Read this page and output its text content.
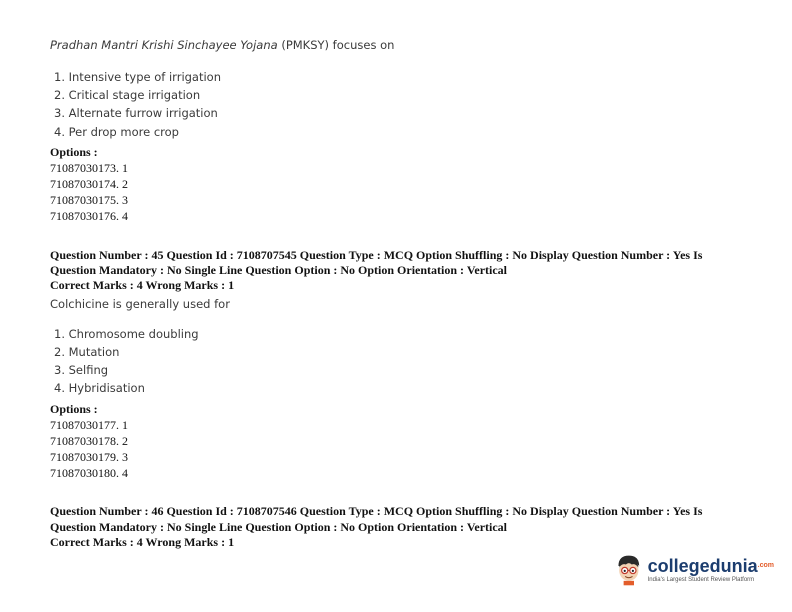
Pradhan Mantri Krishi Sinchayee Yojana (PMKSY) focuses on

1. Intensive type of irrigation
2. Critical stage irrigation
3. Alternate furrow irrigation
4. Per drop more crop
Options :
71087030173. 1
71087030174. 2
71087030175. 3
71087030176. 4

Question Number : 45 Question Id : 7108707545 Question Type : MCQ Option Shuffling : No Display Question Number : Yes Is

Question Mandatory : No Single Line Question Option : No Option Orientation : Vertical

Correct Marks : 4 Wrong Marks : 1

Colchicine is generally used for

1. Chromosome doubling
2. Mutation
3. Selfing
4. Hybridisation
Options :
71087030177. 1
71087030178. 2
71087030179. 3
71087030180. 4

Question Number : 46 Question Id : 7108707546 Question Type : MCQ Option Shuffling : No Display Question Number : Yes Is

Question Mandatory : No Single Line Question Option : No Option Orientation : Vertical

Correct Marks : 4 Wrong Marks : 1

collegedunia$^{.com}$
India's Largest Student Review Platform
